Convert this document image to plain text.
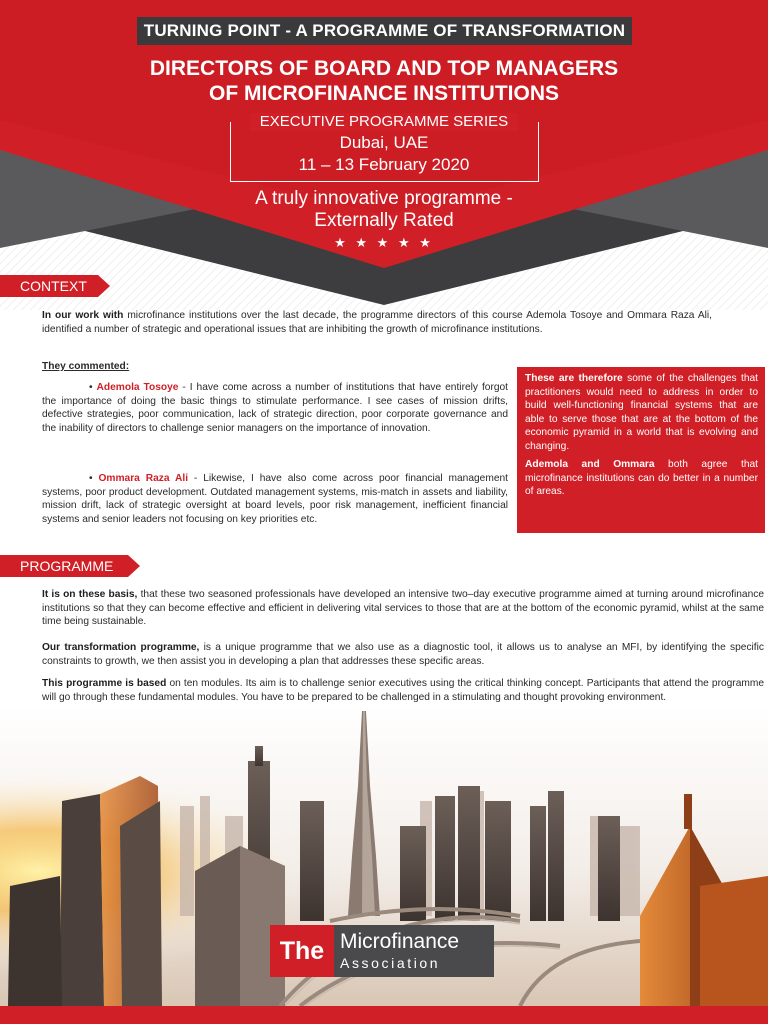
TURNING POINT - A PROGRAMME OF TRANSFORMATION
DIRECTORS OF BOARD AND TOP MANAGERS
OF MICROFINANCE INSTITUTIONS
EXECUTIVE PROGRAMME SERIES
Dubai, UAE
11 – 13 February 2020
A truly innovative programme -
Externally Rated
★ ★ ★ ★ ★
CONTEXT
In our work with microfinance institutions over the last decade, the programme directors of this course Ademola Tosoye and Ommara Raza Ali, identified a number of strategic and operational issues that are inhibiting the growth of microfinance institutions.
They commented:
• Ademola Tosoye - I have come across a number of institutions that have entirely forgot the importance of doing the basic things to stimulate performance. I see cases of mission drifts, defective strategies, poor communication, lack of strategic direction, poor corporate governance and the inability of directors to challenge senior managers on the importance of innovation.
• Ommara Raza Ali - Likewise, I have also come across poor financial management systems, poor product development. Outdated management systems, mis-match in assets and liability, mission drift, lack of strategic oversight at board levels, poor risk management, inefficient financial systems and senior leaders not focusing on key priorities etc.

These are therefore some of the challenges that practitioners would need to address in order to build well-functioning financial systems that are able to serve those that are at the bottom of the economic pyramid in a world that is evolving and changing.

Ademola and Ommara both agree that microfinance institutions can do better in a number of areas.

PROGRAMME
It is on these basis, that these two seasoned professionals have developed an intensive two–day executive programme aimed at turning around microfinance institutions so that they can become effective and efficient in delivering vital services to those that are at the bottom of the economic pyramid, whilst at the same time being sustainable.
Our transformation programme, is a unique programme that we also use as a diagnostic tool, it allows us to analyse an MFI, by identifying the specific constraints to growth, we then assist you in developing a plan that addresses these specific areas.
This programme is based on ten modules. Its aim is to challenge senior executives using the critical thinking concept. Participants that attend the programme will go through these fundamental modules. You have to be prepared to be challenged in a stimulating and thought provoking environment.
The Microfinance
Association
